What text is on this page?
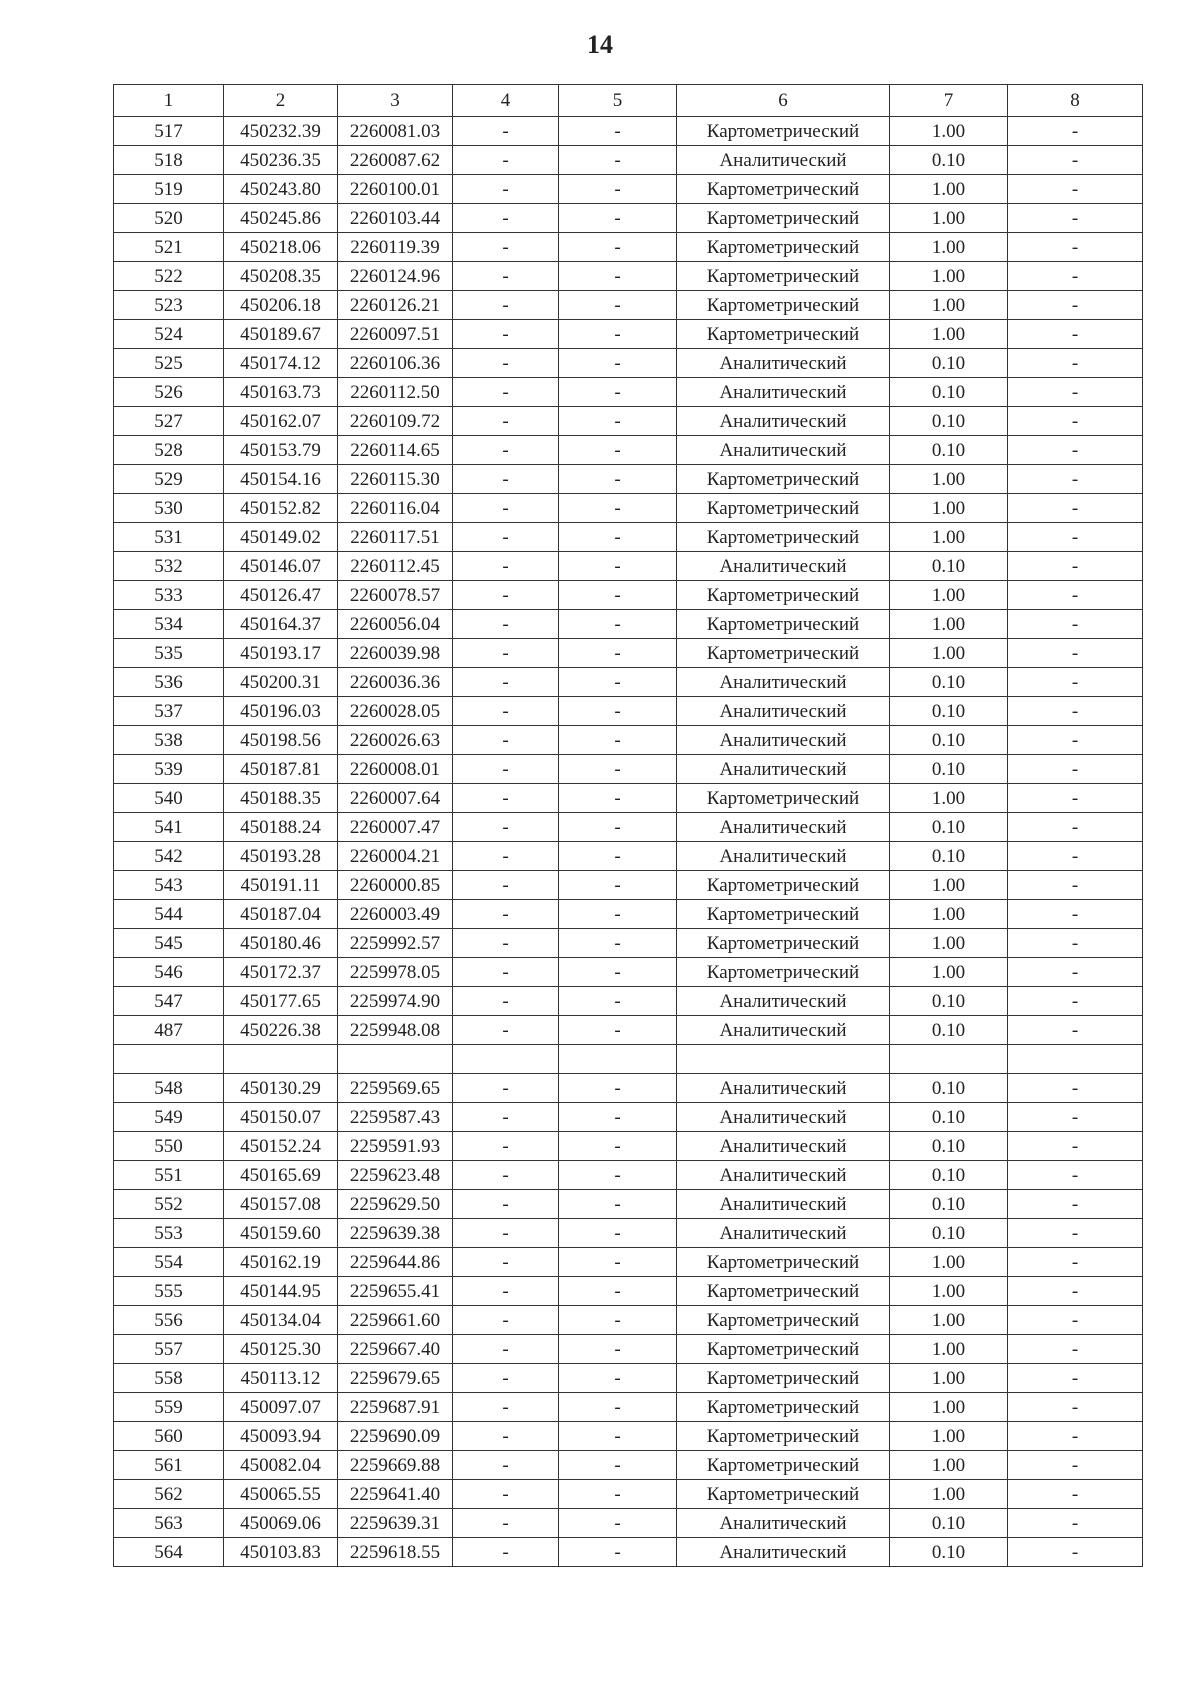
14
1	2	3	4	5	6	7	8
517	450232.39	2260081.03	-	-	Картометрический	1.00	-
518	450236.35	2260087.62	-	-	Аналитический	0.10	-
519	450243.80	2260100.01	-	-	Картометрический	1.00	-
520	450245.86	2260103.44	-	-	Картометрический	1.00	-
521	450218.06	2260119.39	-	-	Картометрический	1.00	-
522	450208.35	2260124.96	-	-	Картометрический	1.00	-
523	450206.18	2260126.21	-	-	Картометрический	1.00	-
524	450189.67	2260097.51	-	-	Картометрический	1.00	-
525	450174.12	2260106.36	-	-	Аналитический	0.10	-
526	450163.73	2260112.50	-	-	Аналитический	0.10	-
527	450162.07	2260109.72	-	-	Аналитический	0.10	-
528	450153.79	2260114.65	-	-	Аналитический	0.10	-
529	450154.16	2260115.30	-	-	Картометрический	1.00	-
530	450152.82	2260116.04	-	-	Картометрический	1.00	-
531	450149.02	2260117.51	-	-	Картометрический	1.00	-
532	450146.07	2260112.45	-	-	Аналитический	0.10	-
533	450126.47	2260078.57	-	-	Картометрический	1.00	-
534	450164.37	2260056.04	-	-	Картометрический	1.00	-
535	450193.17	2260039.98	-	-	Картометрический	1.00	-
536	450200.31	2260036.36	-	-	Аналитический	0.10	-
537	450196.03	2260028.05	-	-	Аналитический	0.10	-
538	450198.56	2260026.63	-	-	Аналитический	0.10	-
539	450187.81	2260008.01	-	-	Аналитический	0.10	-
540	450188.35	2260007.64	-	-	Картометрический	1.00	-
541	450188.24	2260007.47	-	-	Аналитический	0.10	-
542	450193.28	2260004.21	-	-	Аналитический	0.10	-
543	450191.11	2260000.85	-	-	Картометрический	1.00	-
544	450187.04	2260003.49	-	-	Картометрический	1.00	-
545	450180.46	2259992.57	-	-	Картометрический	1.00	-
546	450172.37	2259978.05	-	-	Картометрический	1.00	-
547	450177.65	2259974.90	-	-	Аналитический	0.10	-
487	450226.38	2259948.08	-	-	Аналитический	0.10	-

548	450130.29	2259569.65	-	-	Аналитический	0.10	-
549	450150.07	2259587.43	-	-	Аналитический	0.10	-
550	450152.24	2259591.93	-	-	Аналитический	0.10	-
551	450165.69	2259623.48	-	-	Аналитический	0.10	-
552	450157.08	2259629.50	-	-	Аналитический	0.10	-
553	450159.60	2259639.38	-	-	Аналитический	0.10	-
554	450162.19	2259644.86	-	-	Картометрический	1.00	-
555	450144.95	2259655.41	-	-	Картометрический	1.00	-
556	450134.04	2259661.60	-	-	Картометрический	1.00	-
557	450125.30	2259667.40	-	-	Картометрический	1.00	-
558	450113.12	2259679.65	-	-	Картометрический	1.00	-
559	450097.07	2259687.91	-	-	Картометрический	1.00	-
560	450093.94	2259690.09	-	-	Картометрический	1.00	-
561	450082.04	2259669.88	-	-	Картометрический	1.00	-
562	450065.55	2259641.40	-	-	Картометрический	1.00	-
563	450069.06	2259639.31	-	-	Аналитический	0.10	-
564	450103.83	2259618.55	-	-	Аналитический	0.10	-
